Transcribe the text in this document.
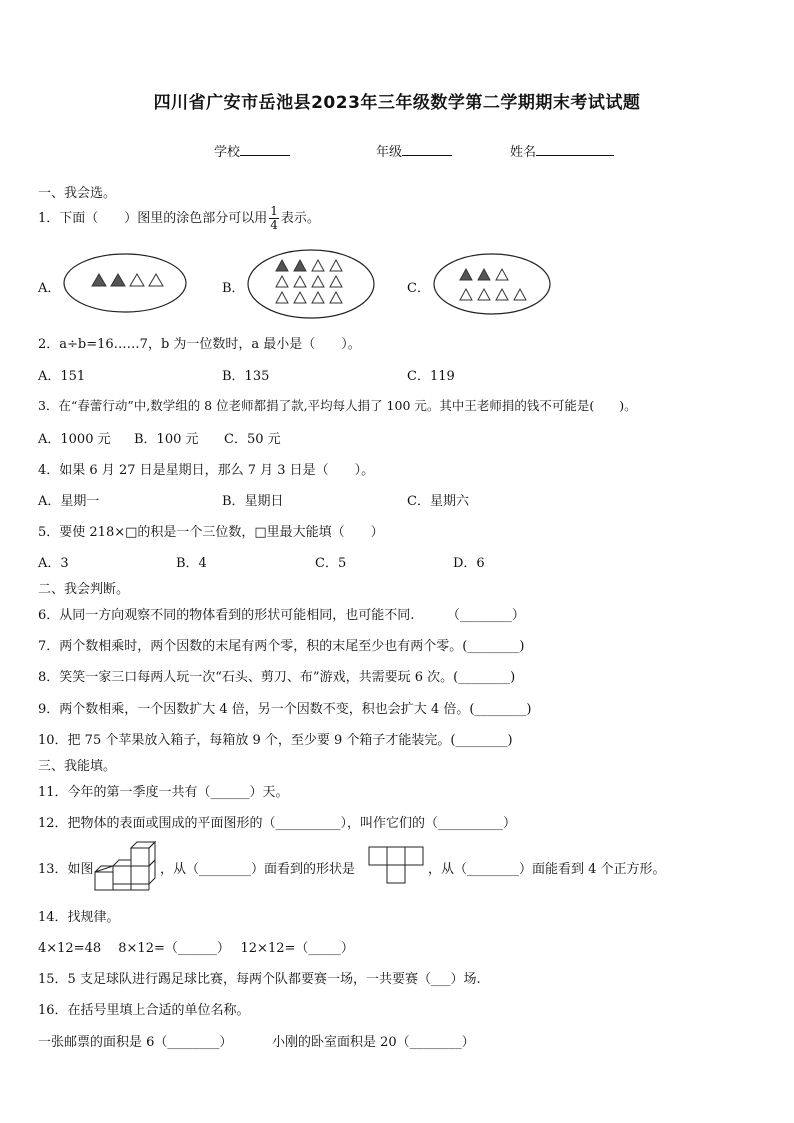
四川省广安市岳池县2023年三年级数学第二学期期末考试试题
学校	年级	姓名
一、我会选。
1．下面（　　）图里的涂色部分可以用 $\frac{1}{4}$ 表示。
A．	B．	C．
2．a÷b=16……7，b 为一位数时，a 最小是（　　）。
A．151	B．135	C．119
3．在“春蕾行动”中,数学组的 8 位老师都捐了款,平均每人捐了 100 元。其中王老师捐的钱不可能是(　　)。
A．1000 元 B．100 元 C．50 元
4．如果 6 月 27 日是星期日，那么 7 月 3 日是（　　）。
A．星期一	B．星期日	C．星期六
5．要使 218×□的积是一个三位数，□里最大能填（　　）
A．3	B．4	C．5	D．6
二、我会判断。
6．从同一方向观察不同的物体看到的形状可能相同，也可能不同.　　　（________）
7．两个数相乘时，两个因数的末尾有两个零，积的末尾至少也有两个零。(________)
8．笑笑一家三口每两人玩一次“石头、剪刀、布”游戏，共需要玩 6 次。(________)
9．两个数相乘，一个因数扩大 4 倍，另一个因数不变，积也会扩大 4 倍。(________)
10．把 75 个苹果放入箱子，每箱放 9 个，至少要 9 个箱子才能装完。(________)
三、我能填。
11．今年的第一季度一共有（______）天。
12．把物体的表面或围成的平面图形的（__________），叫作它们的（__________）
13．如图	，从（________）面看到的形状是	，从（________）面能看到 4 个正方形。
14．找规律。
4×12=48　 8×12=（______）　 12×12=（_____）
15．5 支足球队进行踢足球比赛，每两个队都要赛一场，一共要赛（___）场.
16．在括号里填上合适的单位名称。
一张邮票的面积是 6（________）	小刚的卧室面积是 20（________）
